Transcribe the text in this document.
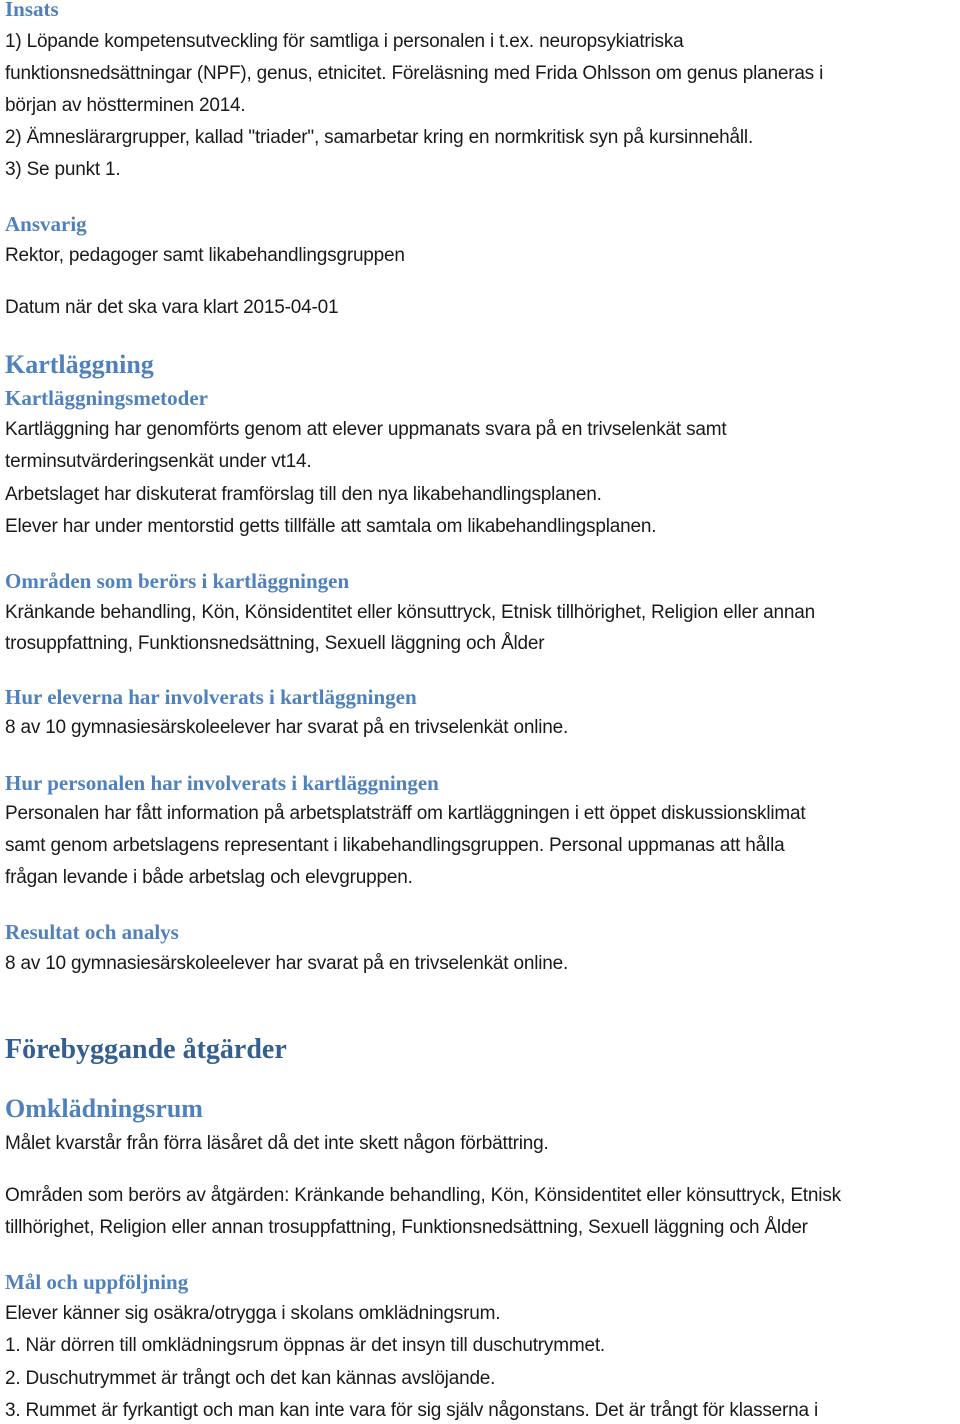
Insats
1) Löpande kompetensutveckling för samtliga i personalen i t.ex. neuropsykiatriska
funktionsnedsättningar (NPF), genus, etnicitet. Föreläsning med Frida Ohlsson om genus planeras i
början av höstterminen 2014.
2) Ämneslärargrupper, kallad "triader", samarbetar kring en normkritisk syn på kursinnehåll.
3) Se punkt 1.
Ansvarig
Rektor, pedagoger samt likabehandlingsgruppen
Datum när det ska vara klart 2015-04-01
Kartläggning
Kartläggningsmetoder
Kartläggning har genomförts genom att elever uppmanats svara på en trivselenkät samt
terminsutvärderingsenkät under vt14.
Arbetslaget har diskuterat framförslag till den nya likabehandlingsplanen.
Elever har under mentorstid getts tillfälle att samtala om likabehandlingsplanen.
Områden som berörs i kartläggningen
Kränkande behandling, Kön, Könsidentitet eller könsuttryck, Etnisk tillhörighet, Religion eller annan
trosuppfattning, Funktionsnedsättning, Sexuell läggning och Ålder
Hur eleverna har involverats i kartläggningen
8 av 10 gymnasiesärskoleelever har svarat på en trivselenkät online.
Hur personalen har involverats i kartläggningen
Personalen har fått information på arbetsplatsträff om kartläggningen i ett öppet diskussionsklimat
samt genom arbetslagens representant i likabehandlingsgruppen. Personal uppmanas att hålla
frågan levande i både arbetslag och elevgruppen.
Resultat och analys
8 av 10 gymnasiesärskoleelever har svarat på en trivselenkät online.
Förebyggande åtgärder
Omklädningsrum
Målet kvarstår från förra läsåret då det inte skett någon förbättring.
Områden som berörs av åtgärden: Kränkande behandling, Kön, Könsidentitet eller könsuttryck, Etnisk
tillhörighet, Religion eller annan trosuppfattning, Funktionsnedsättning, Sexuell läggning och Ålder
Mål och uppföljning
Elever känner sig osäkra/otrygga i skolans omklädningsrum.
1. När dörren till omklädningsrum öppnas är det insyn till duschutrymmet.
2. Duschutrymmet är trångt och det kan kännas avslöjande.
3. Rummet är fyrkantigt och man kan inte vara för sig själv någonstans. Det är trångt för klasserna i
